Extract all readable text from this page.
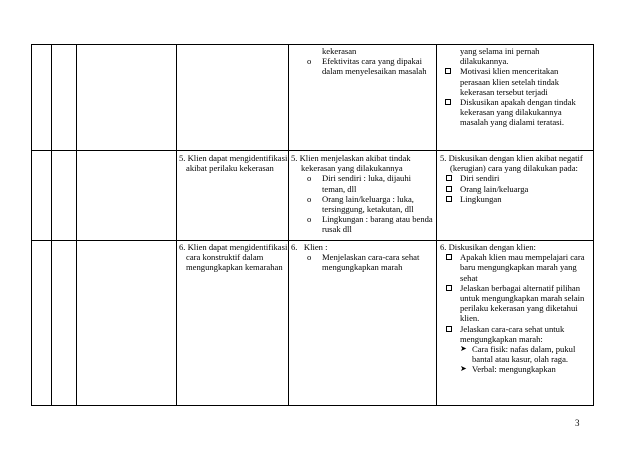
kekerasan

o Efektivitas cara yang dipakai dalam menyelesaikan masalah

yang selama ini pernah dilakukannya.

Motivasi klien menceritakan perasaan klien setelah tindak kekerasan tersebut terjadi
Diskusikan apakah dengan tindak kekerasan yang dilakukannya masalah yang dialami teratasi.

5. Klien dapat mengidentifikasi akibat perilaku kekerasan

5. Klien menjelaskan akibat tindak kekerasan yang dilakukannya

o Diri sendiri : luka, dijauhi teman, dll
o Orang lain/keluarga : luka, tersinggung, ketakutan, dll
o Lingkungan : barang atau benda rusak dll

5. Diskusikan dengan klien akibat negatif (kerugian) cara yang dilakukan pada:

Diri sendiri
Orang lain/keluarga
Lingkungan

6. Klien dapat mengidentifikasi cara konstruktif dalam mengungkapkan kemarahan

6.   Klien :

o Menjelaskan cara-cara sehat mengungkapkan marah

6. Diskusikan dengan klien:

Apakah klien mau mempelajari cara baru mengungkapkan marah yang sehat
Jelaskan berbagai alternatif pilihan untuk mengungkapkan marah selain perilaku kekerasan yang diketahui klien.
Jelaskan cara-cara sehat untuk mengungkapkan marah:
➤ Cara fisik: nafas dalam, pukul bantal atau kasur, olah raga.
➤ Verbal: mengungkapkan
3
